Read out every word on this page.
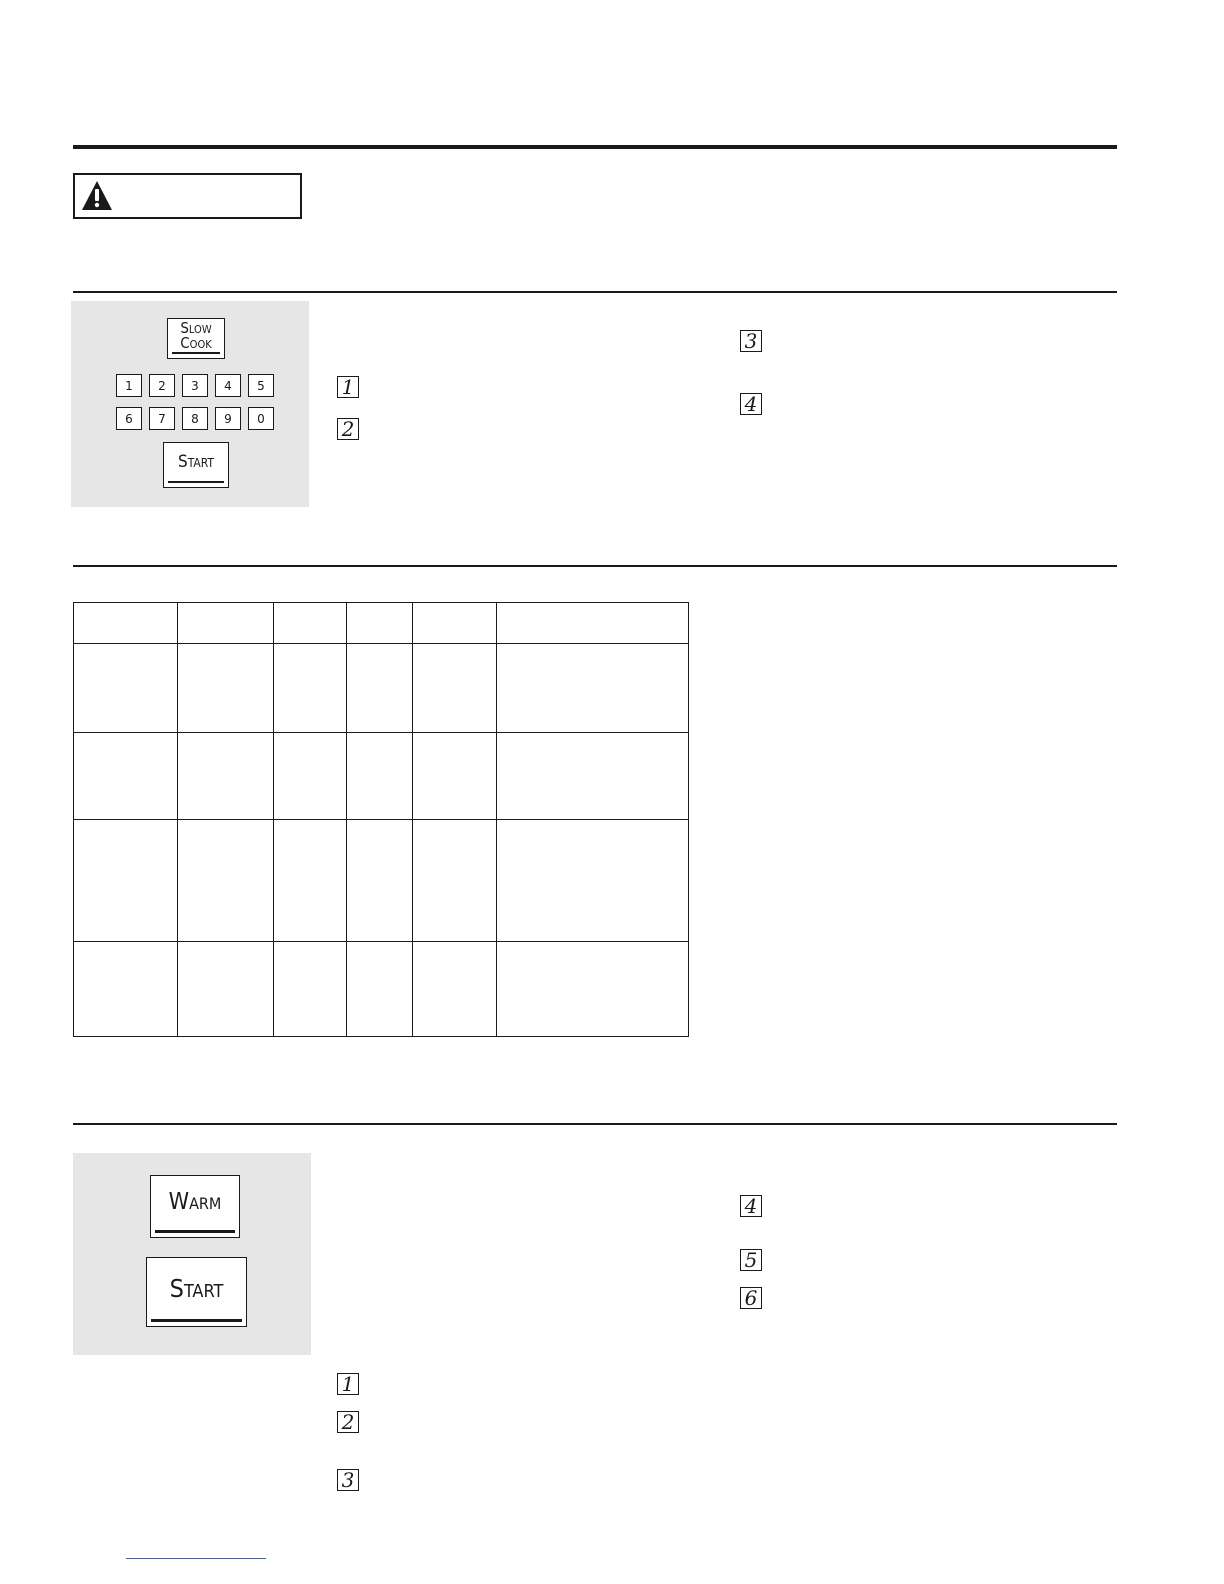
Slow
Cook
1	2	3	4	5
6	7	8	9	0
Start
1
2
3
4

Warm
Start
1
2
3
4
5
6
